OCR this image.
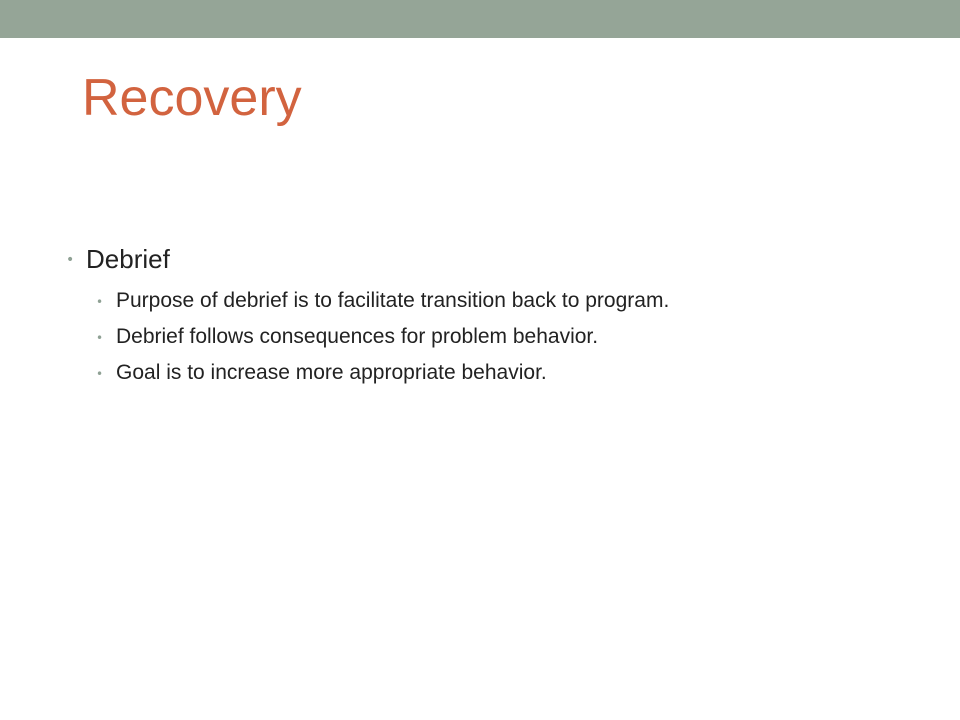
Recovery
• Debrief
• Purpose of debrief is to facilitate transition back to program.
• Debrief follows consequences for problem behavior.
• Goal is to increase more appropriate behavior.
